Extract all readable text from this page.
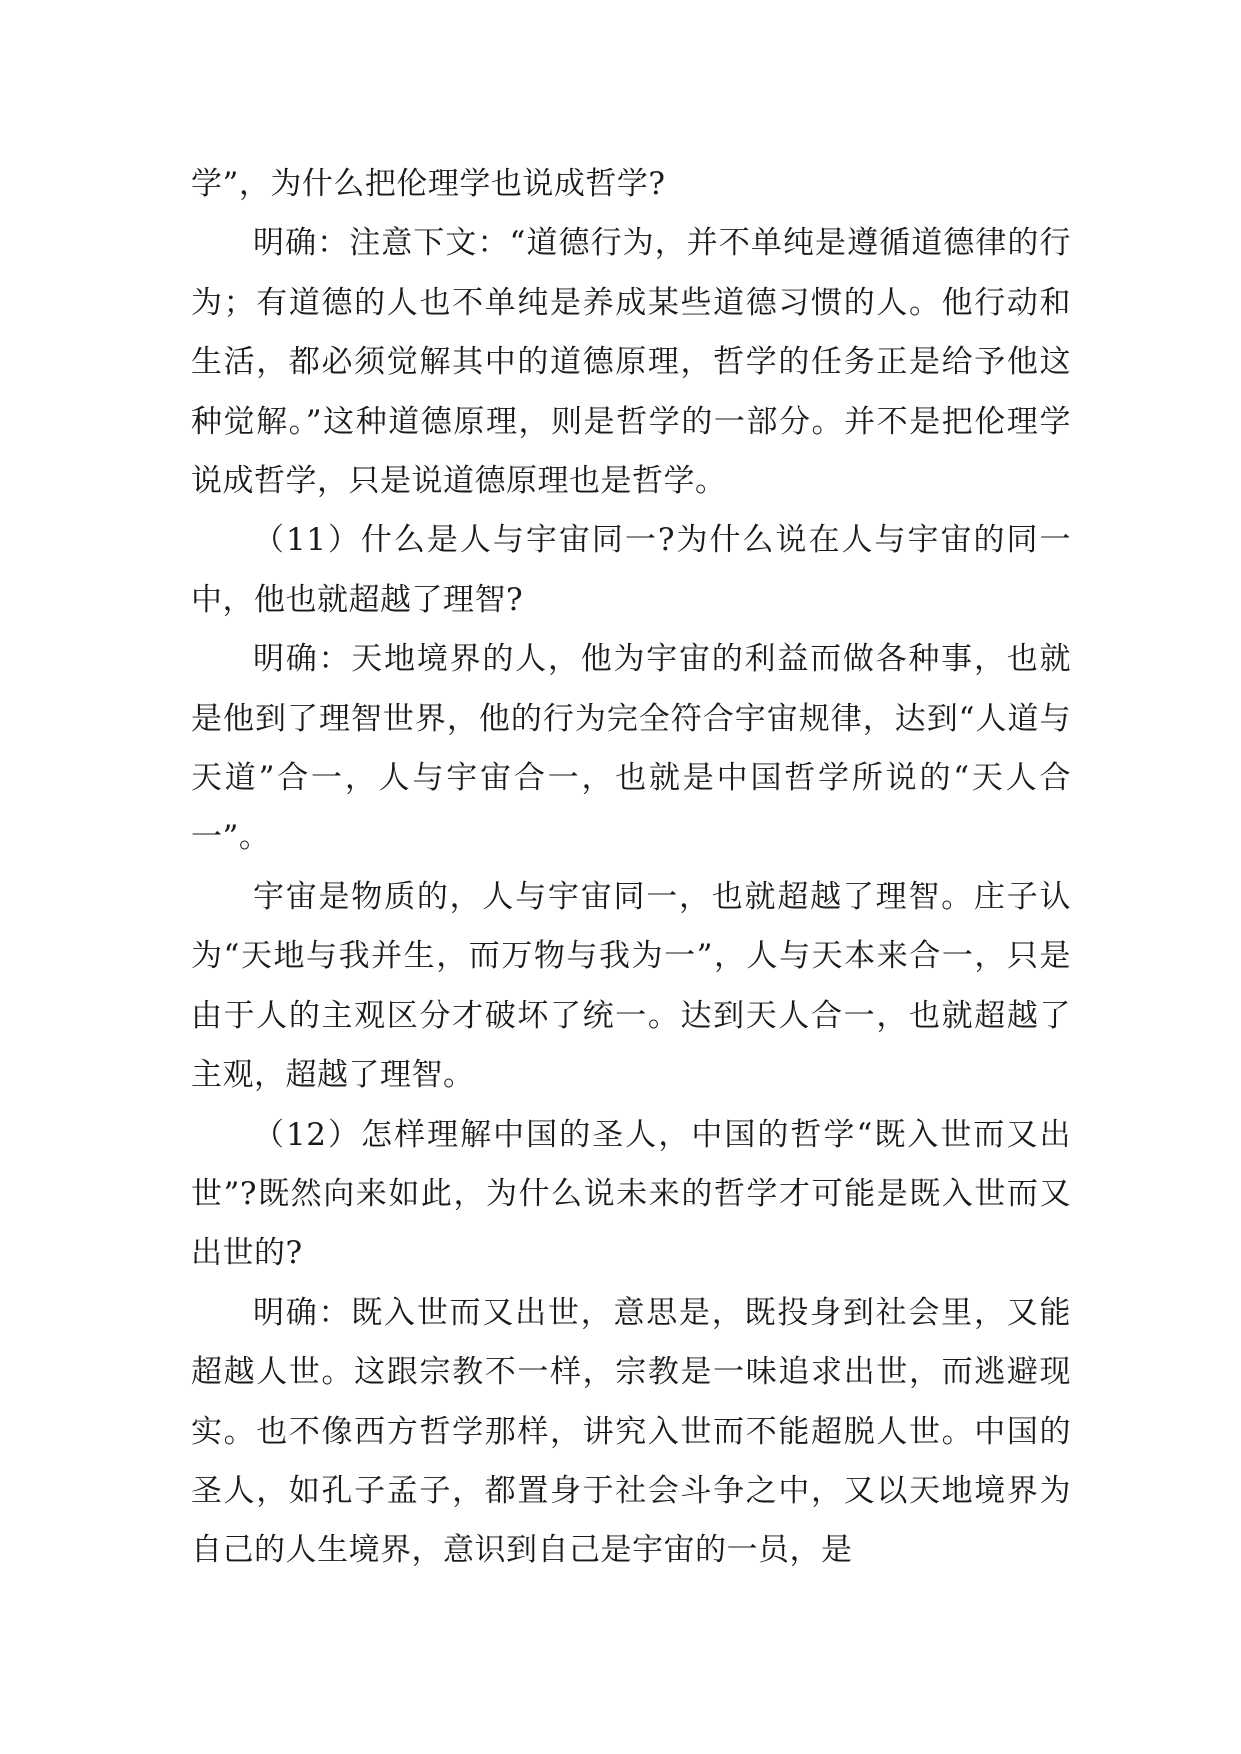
学”，为什么把伦理学也说成哲学?

明确：注意下文：“道德行为，并不单纯是遵循道德律的行为；有道德的人也不单纯是养成某些道德习惯的人。他行动和生活，都必须觉解其中的道德原理，哲学的任务正是给予他这种觉解。”这种道德原理，则是哲学的一部分。并不是把伦理学说成哲学，只是说道德原理也是哲学。

（11）什么是人与宇宙同一?为什么说在人与宇宙的同一中，他也就超越了理智?

明确：天地境界的人，他为宇宙的利益而做各种事，也就是他到了理智世界，他的行为完全符合宇宙规律，达到“人道与天道”合一，人与宇宙合一，也就是中国哲学所说的“天人合一”。

宇宙是物质的，人与宇宙同一，也就超越了理智。庄子认为“天地与我并生，而万物与我为一”，人与天本来合一，只是由于人的主观区分才破坏了统一。达到天人合一，也就超越了主观，超越了理智。

（12）怎样理解中国的圣人，中国的哲学“既入世而又出世”?既然向来如此，为什么说未来的哲学才可能是既入世而又出世的?

明确：既入世而又出世，意思是，既投身到社会里，又能超越人世。这跟宗教不一样，宗教是一味追求出世，而逃避现实。也不像西方哲学那样，讲究入世而不能超脱人世。中国的圣人，如孔子孟子，都置身于社会斗争之中，又以天地境界为自己的人生境界，意识到自己是宇宙的一员，是
